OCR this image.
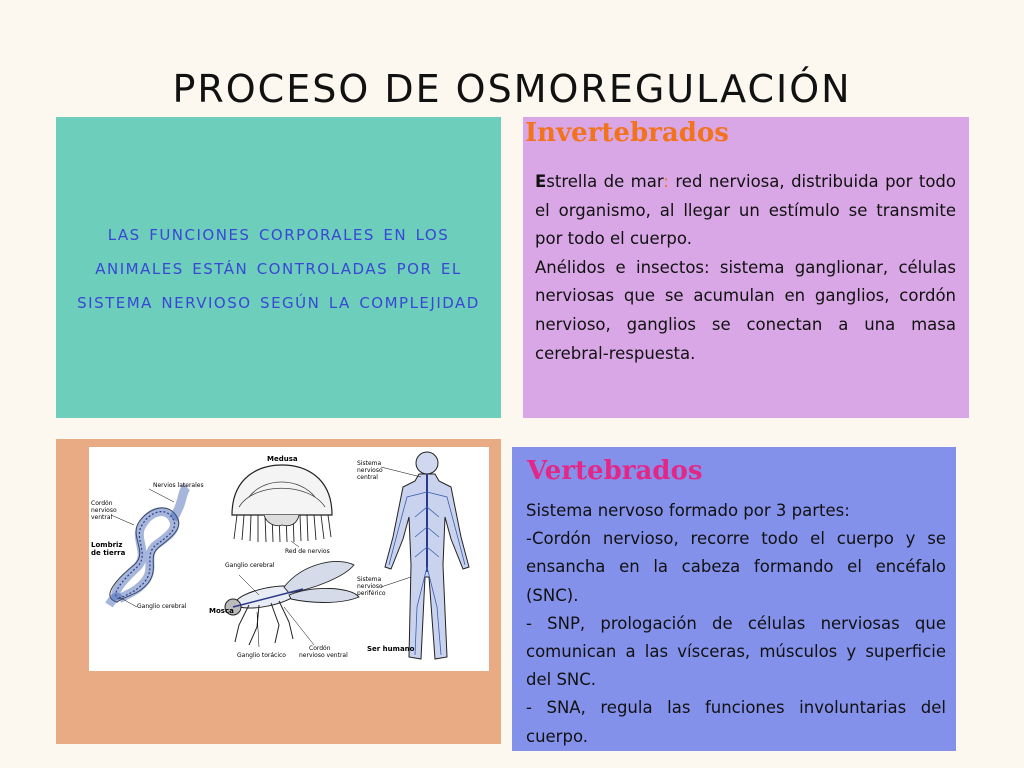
PROCESO DE OSMOREGULACIÓN
las funciones corporales en los animales están controladas por el sistema nervioso según la complejidad
Invertebrados

Estrella de mar: red nerviosa, distribuida por todo el organismo, al llegar un estímulo se transmite por todo el cuerpo.

Anélidos e insectos: sistema ganglionar, células nerviosas que se acumulan en ganglios, cordón nervioso, ganglios se conectan a una masa cerebral-respuesta.

Nervios laterales
Cordón
nervioso
ventral
Lombriz
de tierra
Ganglio cerebral
Medusa
Red de nervios
Ganglio cerebral
Mosca
Ganglio torácico
Cordón
nervioso ventral
Sistema
nervioso
central
Sistema
nervioso
periférico
Ser humano
Vertebrados

Sistema nervoso formado por 3 partes:

-Cordón nervioso, recorre todo el cuerpo y se ensancha en la cabeza formando el encéfalo (SNC).

- SNP, prologación de células nerviosas que comunican a las vísceras, músculos y superficie del SNC.

- SNA, regula las funciones involuntarias del cuerpo.
